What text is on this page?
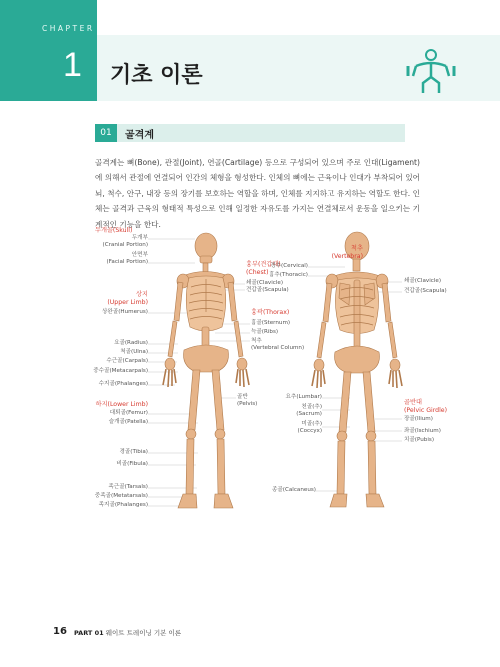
CHAPTER
1 기초 이론
01	골격계

골격계는 뼈(Bone), 관절(Joint), 연골(Cartilage) 등으로 구성되어 있으며 주로 인대(Ligament)에 의해서 관절에 연결되어 인간의 체형을 형성한다. 인체의 뼈에는 근육이나 인대가 부착되어 있어 뇌, 척수, 안구, 내장 등의 장기를 보호하는 역할을 하며, 인체를 지지하고 유지하는 역할도 한다. 인체는 골격과 근육의 형태적 특성으로 인해 일정한 자유도를 가지는 연결체로서 운동을 일으키는 기계적인 기능을 한다.

두개골(Skull)
두개부
(Cranial Portion)
안면부
(Facial Portion)
상지
(Upper Limb)
상완골(Humerus)
요골(Radius)
척골(Ulna)
수근골(Carpals)
중수골(Metacarpals)
수지골(Phalanges)
하지(Lower Limb)
대퇴골(Femur)
슬개골(Patella)
경골(Tibia)
비골(Fibula)
족근골(Tarsals)
중족골(Metatarsals)
족지골(Phalanges)
흉부(견갑대)
(Chest)
쇄골(Clavicle)
견갑골(Scapula)
흉곽(Thorax)
흉골(Sternum)
늑골(Ribs)
척추
(Vertebral Column)
골반
(Pelvis)
척추
(Vertebra)
경추(Cervical)
흉추(Thoracic)
요추(Lumbar)
천골(추)
(Sacrum)
미골(추)
(Coccyx)
종골(Calcaneus)
쇄골(Clavicle)
견갑골(Scapula)
골반대
(Pelvic Girdle)
장골(Ilium)
좌골(Ischium)
치골(Pubis)
16 PART 01 웨이트 트레이닝 기본 이론
